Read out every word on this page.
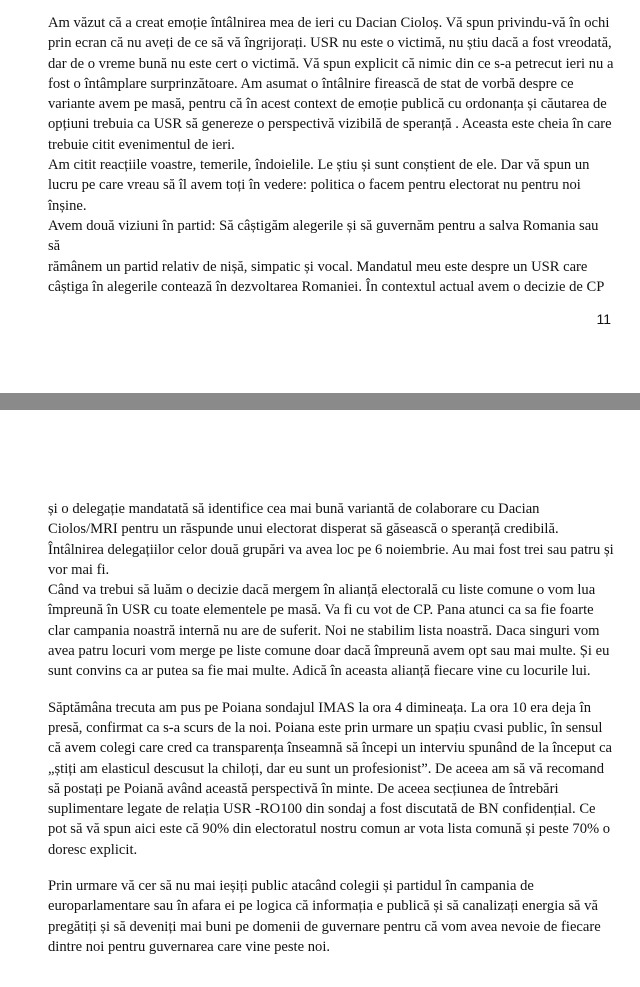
Am văzut că a creat emoție întâlnirea mea de ieri cu Dacian Cioloș. Vă spun privindu-vă în ochi

prin ecran că nu aveți de ce să vă îngrijorați. USR nu este o victimă, nu știu dacă a fost vreodată,

dar de o vreme bună nu este cert o victimă. Vă spun explicit că nimic din ce s-a petrecut ieri nu a

fost o întâmplare surprinzătoare. Am asumat o întâlnire firească de stat de vorbă despre ce

variante avem pe masă, pentru că în acest context de emoție publică cu ordonanța și căutarea de

opțiuni trebuia ca USR să genereze o perspectivă vizibilă de speranță . Aceasta este cheia în care

trebuie citit evenimentul de ieri.

Am citit reacțiile voastre, temerile, îndoielile. Le știu și sunt conștient de ele. Dar vă spun un

lucru pe care vreau să îl avem toți în vedere: politica o facem pentru electorat nu pentru noi

înșine.

Avem două viziuni în partid: Să câștigăm alegerile și să guvernăm pentru a salva Romania sau să

rămânem un partid relativ de nișă, simpatic și vocal. Mandatul meu este despre un USR care

câștiga în alegerile contează în dezvoltarea Romaniei. În contextul actual avem o decizie de CP

11

și o delegație mandatată să identifice cea mai bună variantă de colaborare cu Dacian

Ciolos/MRI pentru un răspunde unui electorat disperat să găsească o speranță credibilă.

Întâlnirea delegațiilor celor două grupări va avea loc pe 6 noiembrie. Au mai fost trei sau patru și

vor mai fi.

Când va trebui să luăm o decizie dacă mergem în alianță electorală cu liste comune o vom lua

împreună în USR cu toate elementele pe masă. Va fi cu vot de CP. Pana atunci ca sa fie foarte

clar campania noastră internă nu are de suferit. Noi ne stabilim lista noastră. Daca singuri vom

avea patru locuri vom merge pe liste comune doar dacă împreună avem opt sau mai multe. Și eu

sunt convins ca ar putea sa fie mai multe. Adică în aceasta alianță fiecare vine cu locurile lui.

Săptămâna trecuta am pus pe Poiana sondajul IMAS la ora 4 dimineața. La ora 10 era deja în

presă, confirmat ca s-a scurs de la noi. Poiana este prin urmare un spațiu cvasi public, în sensul

că avem colegi care cred ca transparența înseamnă să începi un interviu spunând de la început ca

„știți am elasticul descusut la chiloți, dar eu sunt un profesionist”. De aceea am să vă recomand

să postați pe Poiană având această perspectivă în minte. De aceea secțiunea de întrebări

suplimentare legate de relația USR -RO100 din sondaj a fost discutată de BN confidențial. Ce

pot să vă spun aici este că 90% din electoratul nostru comun ar vota lista comună și peste 70% o

doresc explicit.

Prin urmare vă cer să nu mai ieșiți public atacând colegii și partidul în campania de

europarlamentare sau în afara ei pe logica că informația e publică și să canalizați energia să vă

pregătiți și să deveniți mai buni pe domenii de guvernare pentru că vom avea nevoie de fiecare

dintre noi pentru guvernarea care vine peste noi.
